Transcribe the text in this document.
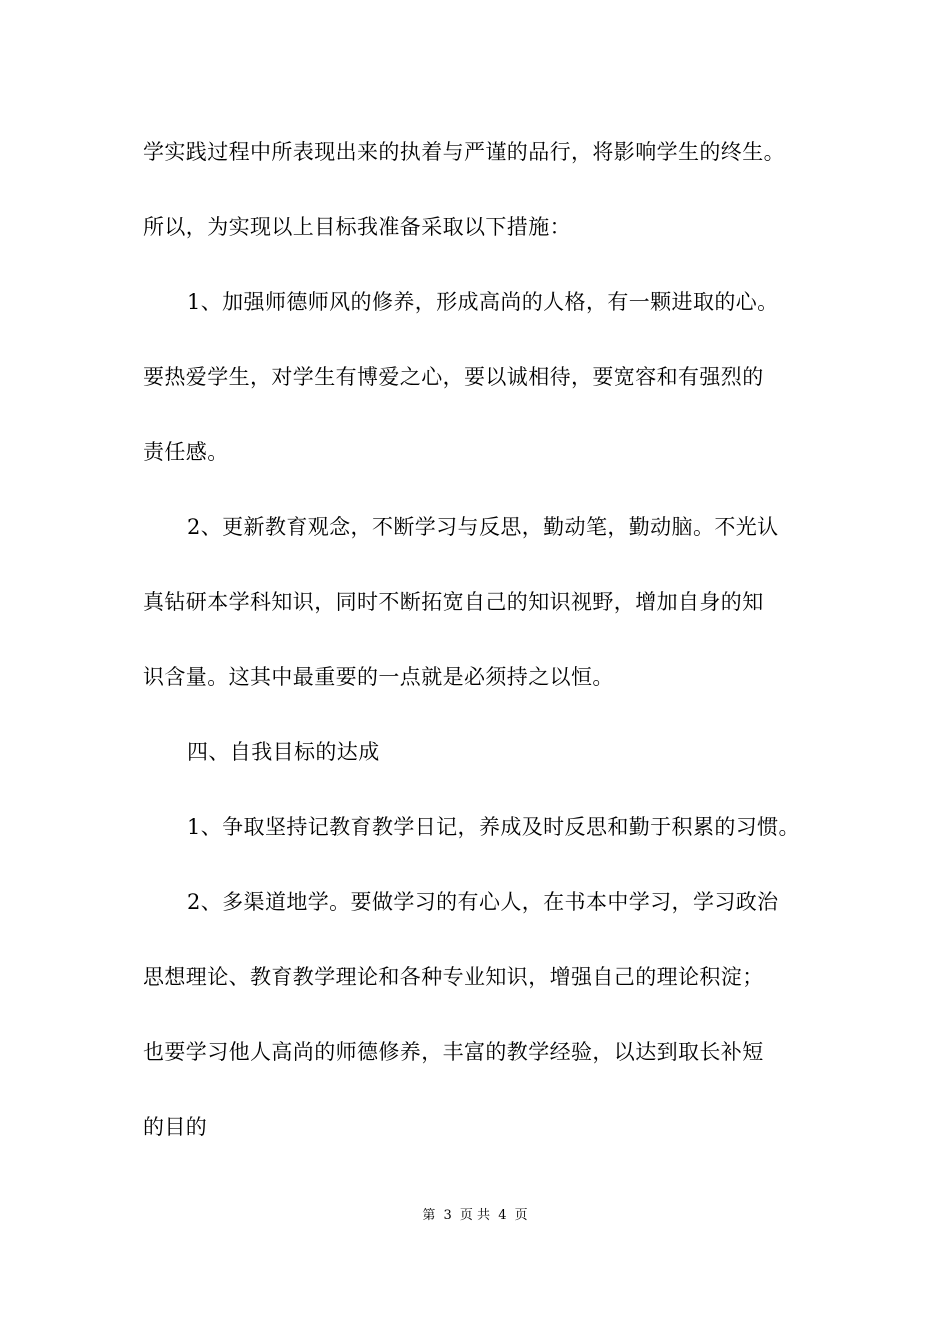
学实践过程中所表现出来的执着与严谨的品行，将影响学生的终生。
所以，为实现以上目标我准备采取以下措施：
1、加强师德师风的修养，形成高尚的人格，有一颗进取的心。
要热爱学生，对学生有博爱之心，要以诚相待，要宽容和有强烈的
责任感。
2、更新教育观念，不断学习与反思，勤动笔，勤动脑。不光认
真钻研本学科知识，同时不断拓宽自己的知识视野，增加自身的知
识含量。这其中最重要的一点就是必须持之以恒。
四、自我目标的达成
1、争取坚持记教育教学日记，养成及时反思和勤于积累的习惯。
2、多渠道地学。要做学习的有心人，在书本中学习，学习政治
思想理论、教育教学理论和各种专业知识，增强自己的理论积淀；
也要学习他人高尚的师德修养，丰富的教学经验，以达到取长补短
的目的
第 3 页 共 4 页
